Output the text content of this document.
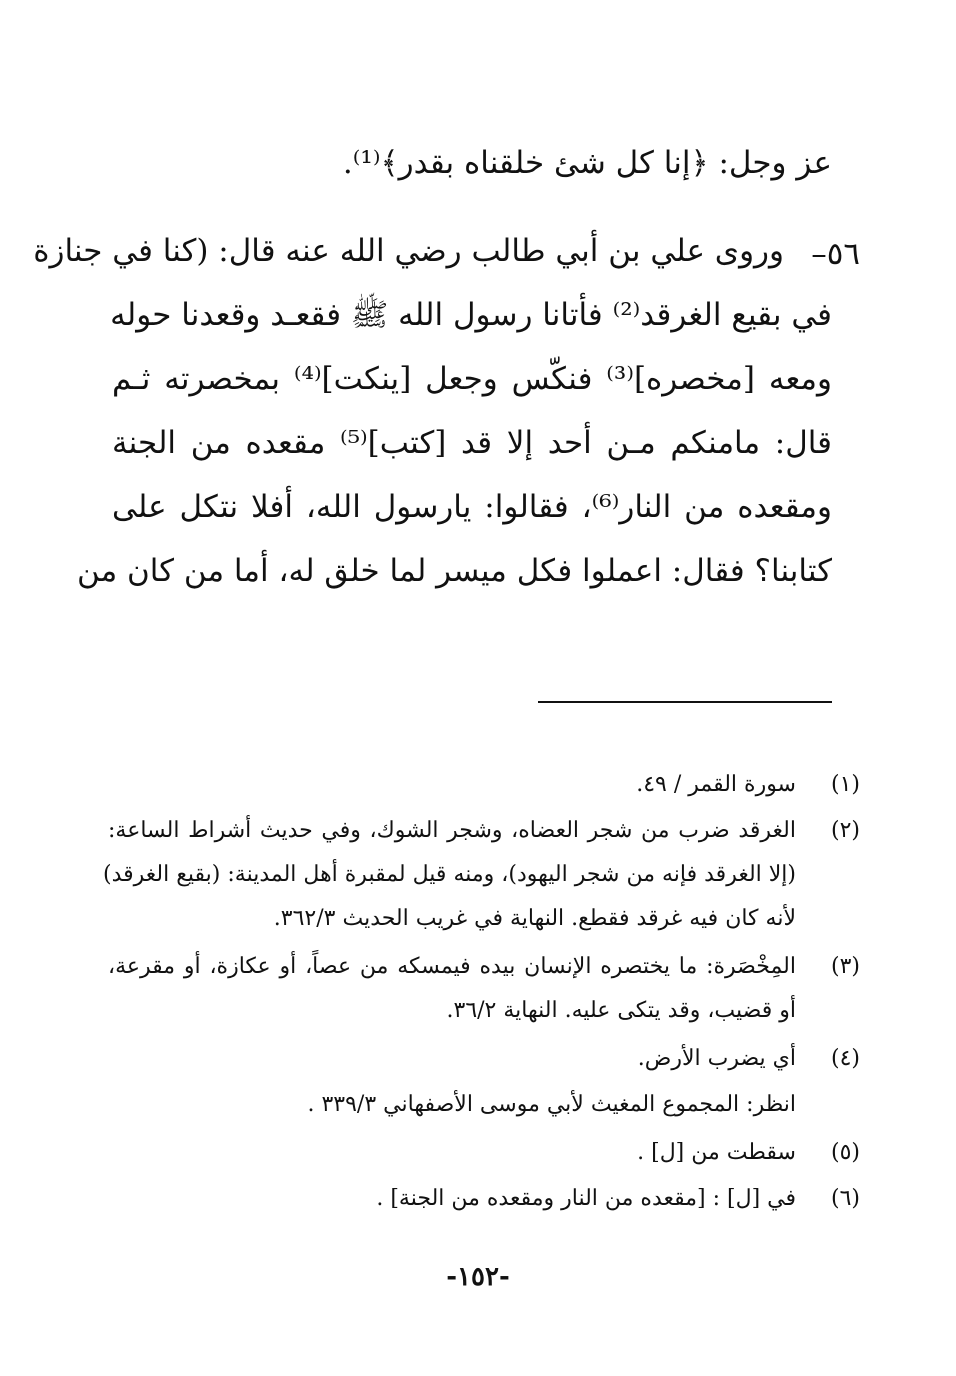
عز وجل: ﴿إنا كل شئ خلقناه بقدر﴾⁽¹⁾.
٥٦–
وروى علي بن أبي طالب رضي الله عنه قال: (كنا في جنازة
في بقيع الغرقد⁽²⁾ فأتانا رسول الله ﷺ فقعـد وقعدنا حوله
ومعه [مخصره]⁽³⁾ فنكّس وجعل [ينكت]⁽⁴⁾ بمخصرته ثـم
قال: مامنكم مـن أحد إلا قد [كتب]⁽⁵⁾ مقعده من الجنة
ومقعده من النار⁽⁶⁾، فقالوا: يارسول الله، أفلا نتكل على
كتابنا؟ فقال: اعملوا فكل ميسر لما خلق له، أما من كان من
(١)
سورة القمر / ٤٩.
(٢)
الغرقد ضرب من شجر العضاه، وشجر الشوك، وفي حديث أشراط الساعة:
(إلا الغرقد فإنه من شجر اليهود)، ومنه قيل لمقبرة أهل المدينة: (بقيع الغرقد)
لأنه كان فيه غرقد فقطع. النهاية في غريب الحديث ٣٦٢/٣.
(٣)
المِخْصَرة: ما يختصره الإنسان بيده فيمسكه من عصاً، أو عكازة، أو مقرعة،
أو قضيب، وقد يتكى عليه. النهاية ٣٦/٢.
(٤)
أي يضرب الأرض.
انظر: المجموع المغيث لأبي موسى الأصفهاني ٣٣٩/٣ .
(٥)
سقطت من [ل] .
(٦)
في [ل] : [مقعده من النار ومقعده من الجنة] .
-١٥٢-
